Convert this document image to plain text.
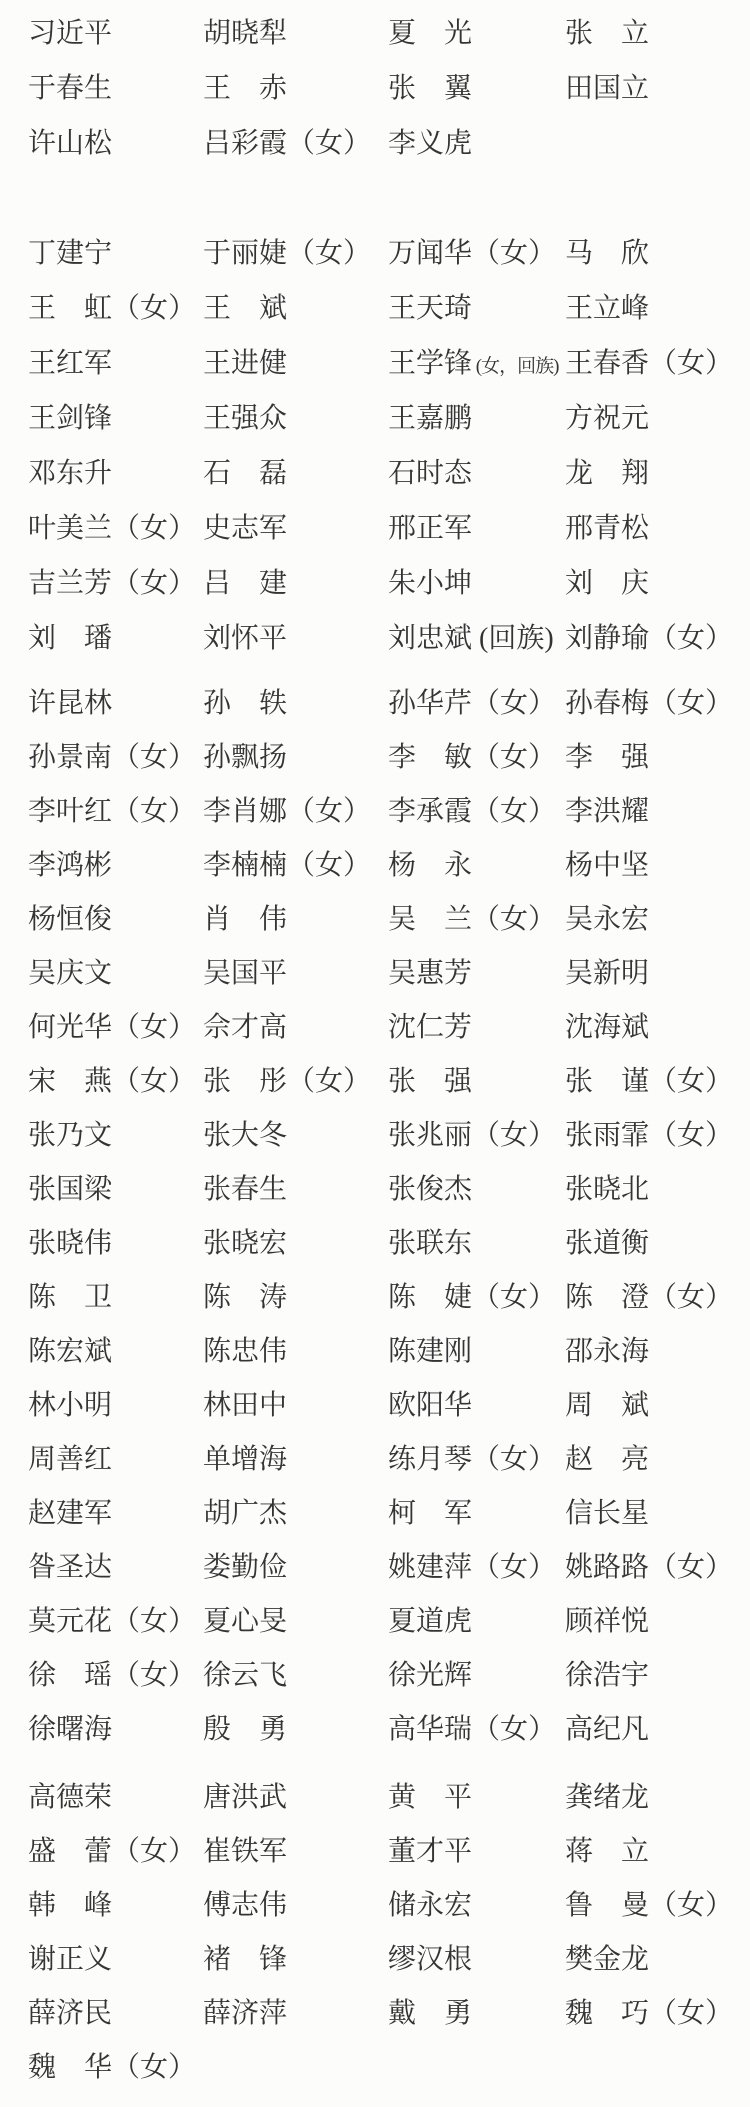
习近平	胡晓犁	夏　光	张　立
于春生	王　赤	张　翼	田国立
许山松	吕彩霞（女） 李义虎
丁建宁	于丽婕（女） 万闻华（女） 马　欣
王　虹（女） 王　斌	王天琦	王立峰
王红军	王进健	王学锋 (女，回族) 王春香（女）
王剑锋	王强众	王嘉鹏	方祝元
邓东升	石　磊	石时态	龙　翔
叶美兰（女） 史志军	邢正军	邢青松
吉兰芳（女） 吕　建	朱小坤	刘　庆
刘　璠	刘怀平	刘忠斌 (回族) 刘静瑜（女）
许昆林	孙　轶	孙华芹（女） 孙春梅（女）
孙景南（女） 孙飘扬	李　敏（女） 李　强
李叶红（女） 李肖娜（女） 李承霞（女） 李洪耀
李鸿彬	李楠楠（女） 杨　永	杨中坚
杨恒俊	肖　伟	吴　兰（女） 吴永宏
吴庆文	吴国平	吴惠芳	吴新明
何光华（女） 佘才高	沈仁芳	沈海斌
宋　燕（女） 张　彤（女） 张　强	张　谨（女）
张乃文	张大冬	张兆丽（女） 张雨霏（女）
张国梁	张春生	张俊杰	张晓北
张晓伟	张晓宏	张联东	张道衡
陈　卫	陈　涛	陈　婕（女） 陈　澄（女）
陈宏斌	陈忠伟	陈建刚	邵永海
林小明	林田中	欧阳华	周　斌
周善红	单增海	练月琴（女） 赵　亮
赵建军	胡广杰	柯　军	信长星
昝圣达	娄勤俭	姚建萍（女） 姚路路（女）
莫元花（女） 夏心旻	夏道虎	顾祥悦
徐　瑶（女） 徐云飞	徐光辉	徐浩宇
徐曙海	殷　勇	高华瑞（女） 高纪凡
高德荣	唐洪武	黄　平	龚绪龙
盛　蕾（女） 崔铁军	董才平	蒋　立
韩　峰	傅志伟	储永宏	鲁　曼（女）
谢正义	褚　锋	缪汉根	樊金龙
薛济民	薛济萍	戴　勇	魏　巧（女）
魏　华（女）
